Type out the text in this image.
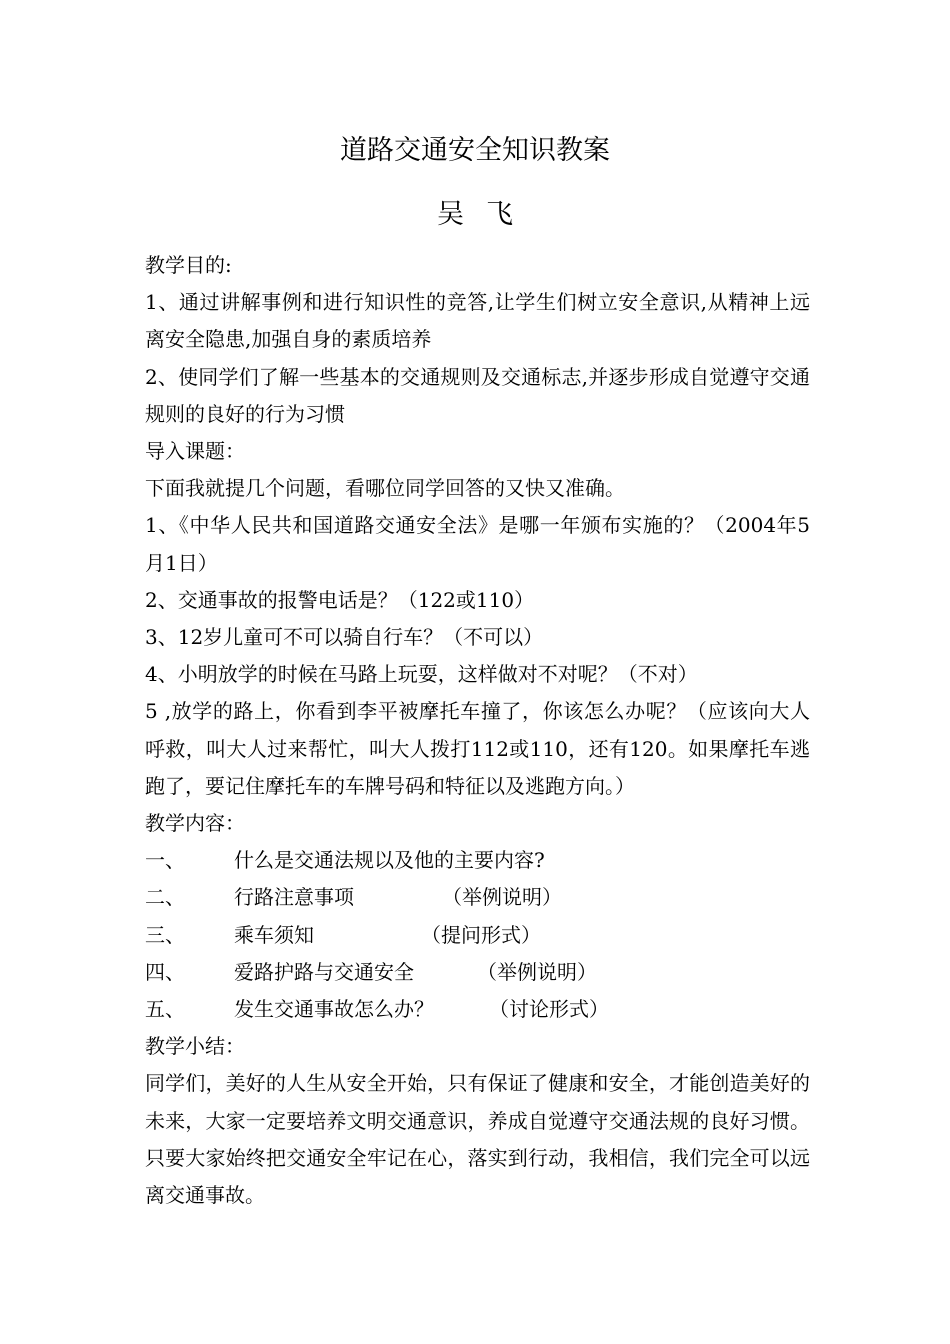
道路交通安全知识教案
吴飞

教学目的:

1、通过讲解事例和进行知识性的竞答,让学生们树立安全意识,从精神上远离安全隐患,加强自身的素质培养

2、使同学们了解一些基本的交通规则及交通标志,并逐步形成自觉遵守交通规则的良好的行为习惯

导入课题：

下面我就提几个问题，看哪位同学回答的又快又准确。

1、《中华人民共和国道路交通安全法》是哪一年颁布实施的？（2004年5月1日）

2、交通事故的报警电话是？（122或110）

3、12岁儿童可不可以骑自行车？（不可以）

4、小明放学的时候在马路上玩耍，这样做对不对呢？（不对）

5 ,放学的路上，你看到李平被摩托车撞了，你该怎么办呢？（应该向大人呼救，叫大人过来帮忙，叫大人拨打112或110，还有120。如果摩托车逃跑了，要记住摩托车的车牌号码和特征以及逃跑方向。）

教学内容：

一、	什么是交通法规以及他的主要内容?
二、	行路注意事项	（举例说明）
三、	乘车须知	（提问形式）
四、	爱路护路与交通安全	（举例说明）
五、	发生交通事故怎么办？	（讨论形式）

教学小结：

同学们，美好的人生从安全开始，只有保证了健康和安全，才能创造美好的未来，大家一定要培养文明交通意识，养成自觉遵守交通法规的良好习惯。只要大家始终把交通安全牢记在心，落实到行动，我相信，我们完全可以远离交通事故。
